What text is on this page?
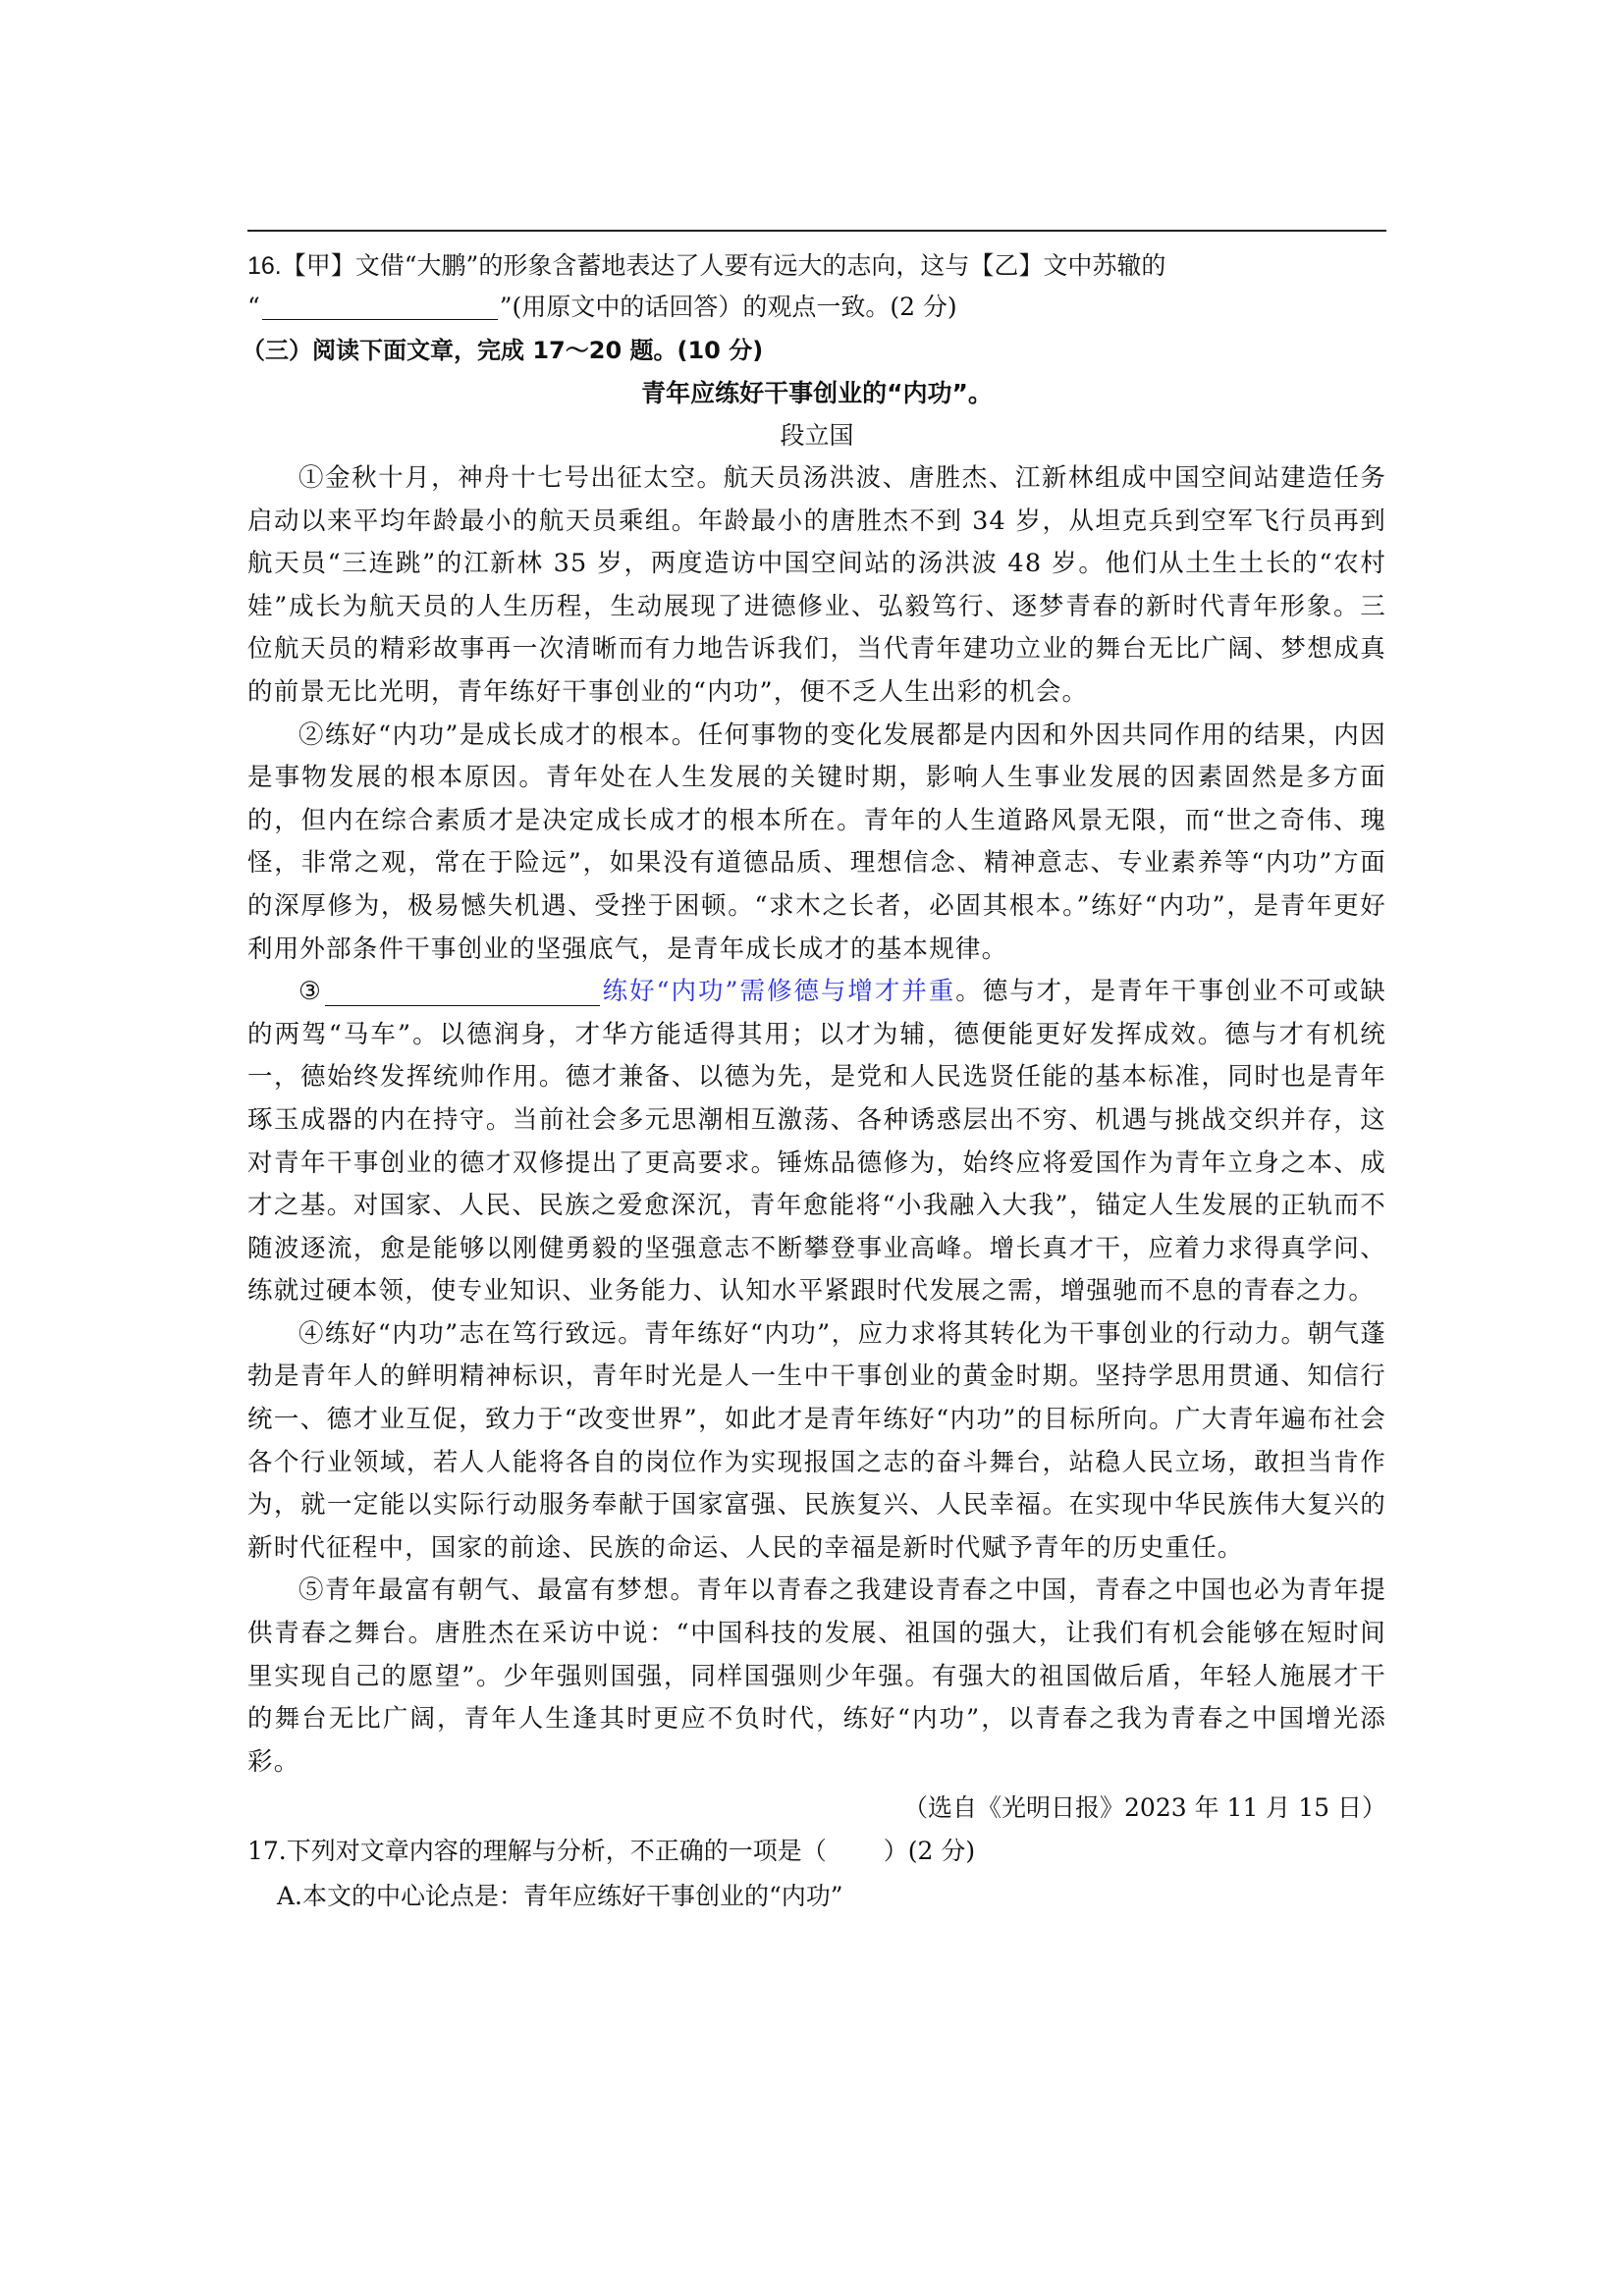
16.【甲】文借“大鹏”的形象含蓄地表达了人要有远大的志向，这与【乙】文中苏辙的
“	”(用原文中的话回答）的观点一致。(2 分)
（三）阅读下面文章，完成 17～20 题。(10 分)
青年应练好干事创业的“内功”。
段立国

①金秋十月，神舟十七号出征太空。航天员汤洪波、唐胜杰、江新林组成中国空间站建造任务启动以来平均年龄最小的航天员乘组。年龄最小的唐胜杰不到 34 岁，从坦克兵到空军飞行员再到航天员“三连跳”的江新林 35 岁，两度造访中国空间站的汤洪波 48 岁。他们从土生土长的“农村娃”成长为航天员的人生历程，生动展现了进德修业、弘毅笃行、逐梦青春的新时代青年形象。三位航天员的精彩故事再一次清晰而有力地告诉我们，当代青年建功立业的舞台无比广阔、梦想成真的前景无比光明，青年练好干事创业的“内功”，便不乏人生出彩的机会。

②练好“内功”是成长成才的根本。任何事物的变化发展都是内因和外因共同作用的结果，内因是事物发展的根本原因。青年处在人生发展的关键时期，影响人生事业发展的因素固然是多方面的，但内在综合素质才是决定成长成才的根本所在。青年的人生道路风景无限，而“世之奇伟、瑰怪，非常之观，常在于险远”，如果没有道德品质、理想信念、精神意志、专业素养等“内功”方面的深厚修为，极易憾失机遇、受挫于困顿。“求木之长者，必固其根本。”练好“内功”，是青年更好利用外部条件干事创业的坚强底气，是青年成长成才的基本规律。

③	练好“内功”需修德与增才并重。德与才，是青年干事创业不可或缺的两驾“马车”。以德润身，才华方能适得其用；以才为辅，德便能更好发挥成效。德与才有机统一，德始终发挥统帅作用。德才兼备、以德为先，是党和人民选贤任能的基本标准，同时也是青年琢玉成器的内在持守。当前社会多元思潮相互激荡、各种诱惑层出不穷、机遇与挑战交织并存，这对青年干事创业的德才双修提出了更高要求。锤炼品德修为，始终应将爱国作为青年立身之本、成才之基。对国家、人民、民族之爱愈深沉，青年愈能将“小我融入大我”，锚定人生发展的正轨而不随波逐流，愈是能够以刚健勇毅的坚强意志不断攀登事业高峰。增长真才干，应着力求得真学问、练就过硬本领，使专业知识、业务能力、认知水平紧跟时代发展之需，增强驰而不息的青春之力。

④练好“内功”志在笃行致远。青年练好“内功”，应力求将其转化为干事创业的行动力。朝气蓬勃是青年人的鲜明精神标识，青年时光是人一生中干事创业的黄金时期。坚持学思用贯通、知信行统一、德才业互促，致力于“改变世界”，如此才是青年练好“内功”的目标所向。广大青年遍布社会各个行业领域，若人人能将各自的岗位作为实现报国之志的奋斗舞台，站稳人民立场，敢担当肯作为，就一定能以实际行动服务奉献于国家富强、民族复兴、人民幸福。在实现中华民族伟大复兴的新时代征程中，国家的前途、民族的命运、人民的幸福是新时代赋予青年的历史重任。

⑤青年最富有朝气、最富有梦想。青年以青春之我建设青春之中国，青春之中国也必为青年提供青春之舞台。唐胜杰在采访中说：“中国科技的发展、祖国的强大，让我们有机会能够在短时间里实现自己的愿望”。少年强则国强，同样国强则少年强。有强大的祖国做后盾，年轻人施展才干的舞台无比广阔，青年人生逢其时更应不负时代，练好“内功”，以青春之我为青春之中国增光添彩。

（选自《光明日报》2023 年 11 月 15 日）
17.下列对文章内容的理解与分析，不正确的一项是（ ）(2 分)
A.本文的中心论点是：青年应练好干事创业的“内功”
